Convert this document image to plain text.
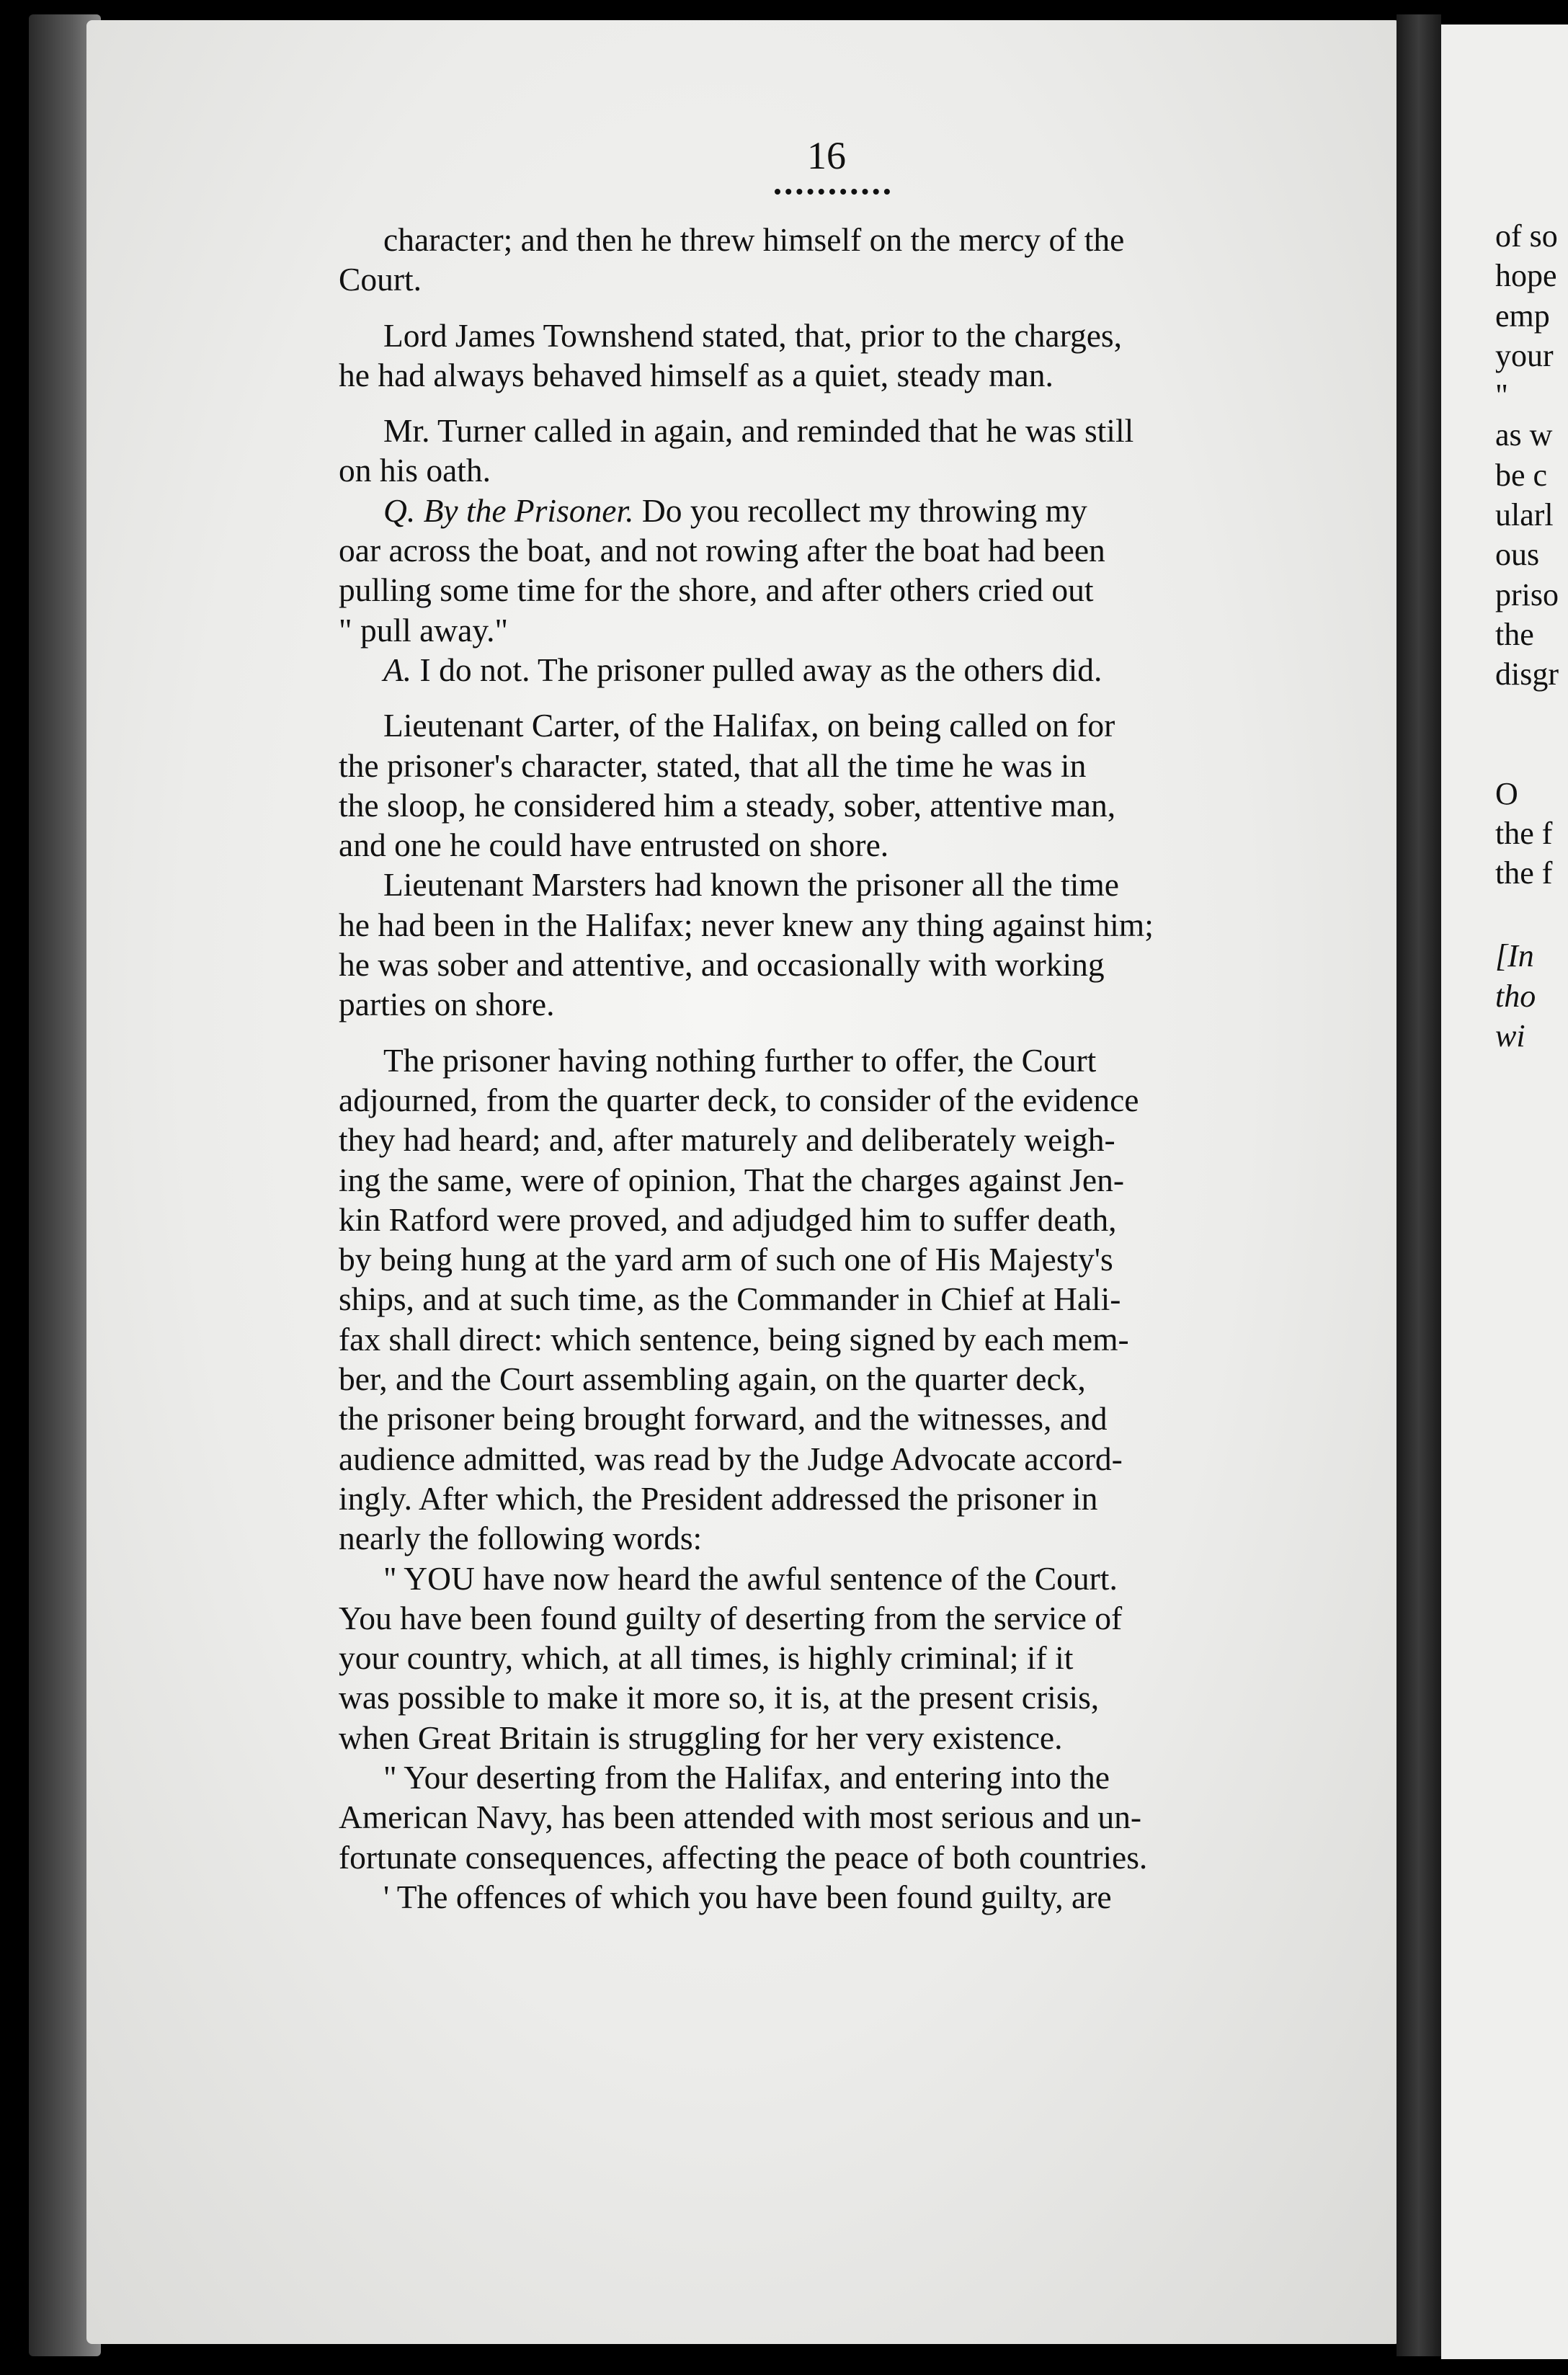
16
character; and then he threw himself on the mercy of the
Court.
Lord James Townshend stated, that, prior to the charges,
he had always behaved himself as a quiet, steady man.
Mr. Turner called in again, and reminded that he was still
on his oath.
Q. By the Prisoner. Do you recollect my throwing my
oar across the boat, and not rowing after the boat had been
pulling some time for the shore, and after others cried out
" pull away."
A. I do not. The prisoner pulled away as the others did.
Lieutenant Carter, of the Halifax, on being called on for
the prisoner's character, stated, that all the time he was in
the sloop, he considered him a steady, sober, attentive man,
and one he could have entrusted on shore.
Lieutenant Marsters had known the prisoner all the time
he had been in the Halifax; never knew any thing against him;
he was sober and attentive, and occasionally with working
parties on shore.
The prisoner having nothing further to offer, the Court
adjourned, from the quarter deck, to consider of the evidence
they had heard; and, after maturely and deliberately weigh-
ing the same, were of opinion, That the charges against Jen-
kin Ratford were proved, and adjudged him to suffer death,
by being hung at the yard arm of such one of His Majesty's
ships, and at such time, as the Commander in Chief at Hali-
fax shall direct: which sentence, being signed by each mem-
ber, and the Court assembling again, on the quarter deck,
the prisoner being brought forward, and the witnesses, and
audience admitted, was read by the Judge Advocate accord-
ingly. After which, the President addressed the prisoner in
nearly the following words:
" YOU have now heard the awful sentence of the Court.
You have been found guilty of deserting from the service of
your country, which, at all times, is highly criminal; if it
was possible to make it more so, it is, at the present crisis,
when Great Britain is struggling for her very existence.
" Your deserting from the Halifax, and entering into the
American Navy, has been attended with most serious and un-
fortunate consequences, affecting the peace of both countries.
' The offences of which you have been found guilty, are
of so
hope
emp
your
"
as w
be c
ularl
ous
priso
the
disgr
O
the f
the f
[In
tho
wi
